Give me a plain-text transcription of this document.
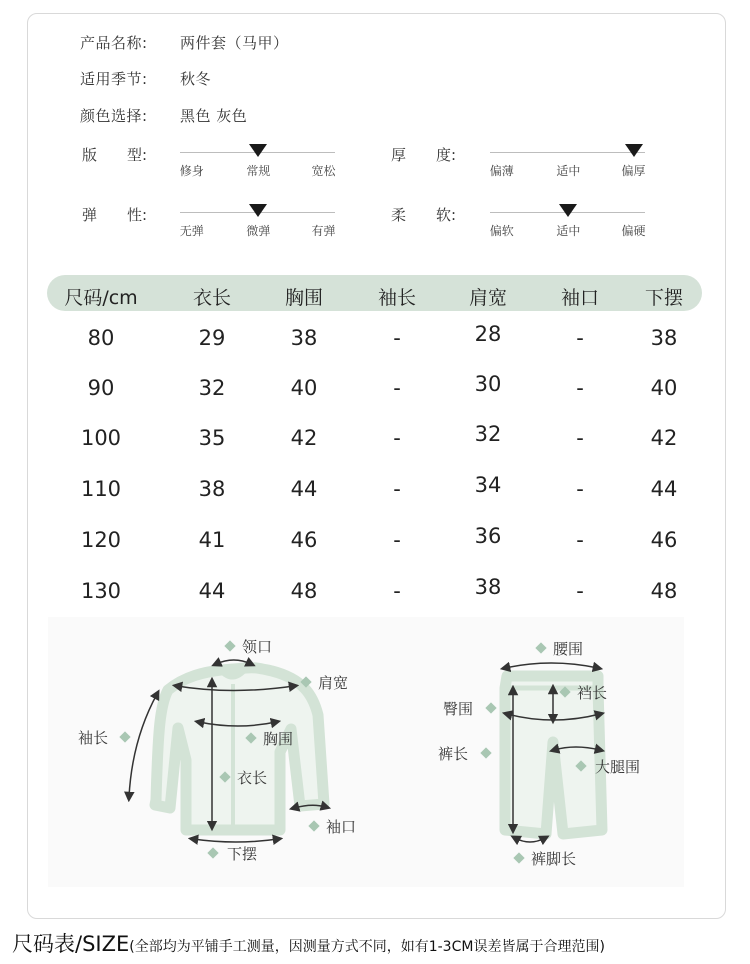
产品名称: 两件套（马甲）
适用季节: 秋冬
颜色选择: 黑色 灰色
版　　型:
修身	常规	宽松
厚　　度:
偏薄	适中	偏厚
弹　　性:
无弹	微弹	有弹
柔　　软:
偏软	适中	偏硬
尺码/cm	衣长	胸围	袖长	肩宽	袖口 下摆
80	29	38	-	28	-	38
90	32	40	-	30	-	40
100	35	42	-	32	-	42
110	38	44	-	34	-	44
120	41	46	-	36	-	46
130	44	48	-	38	-	48
领口
肩宽
袖长	胸围
衣长
袖口
下摆
腰围
裆长
臀围
裤长
大腿围
裤脚长
尺码表/SIZE(全部均为平铺手工测量，因测量方式不同，如有1-3CM误差皆属于合理范围)
